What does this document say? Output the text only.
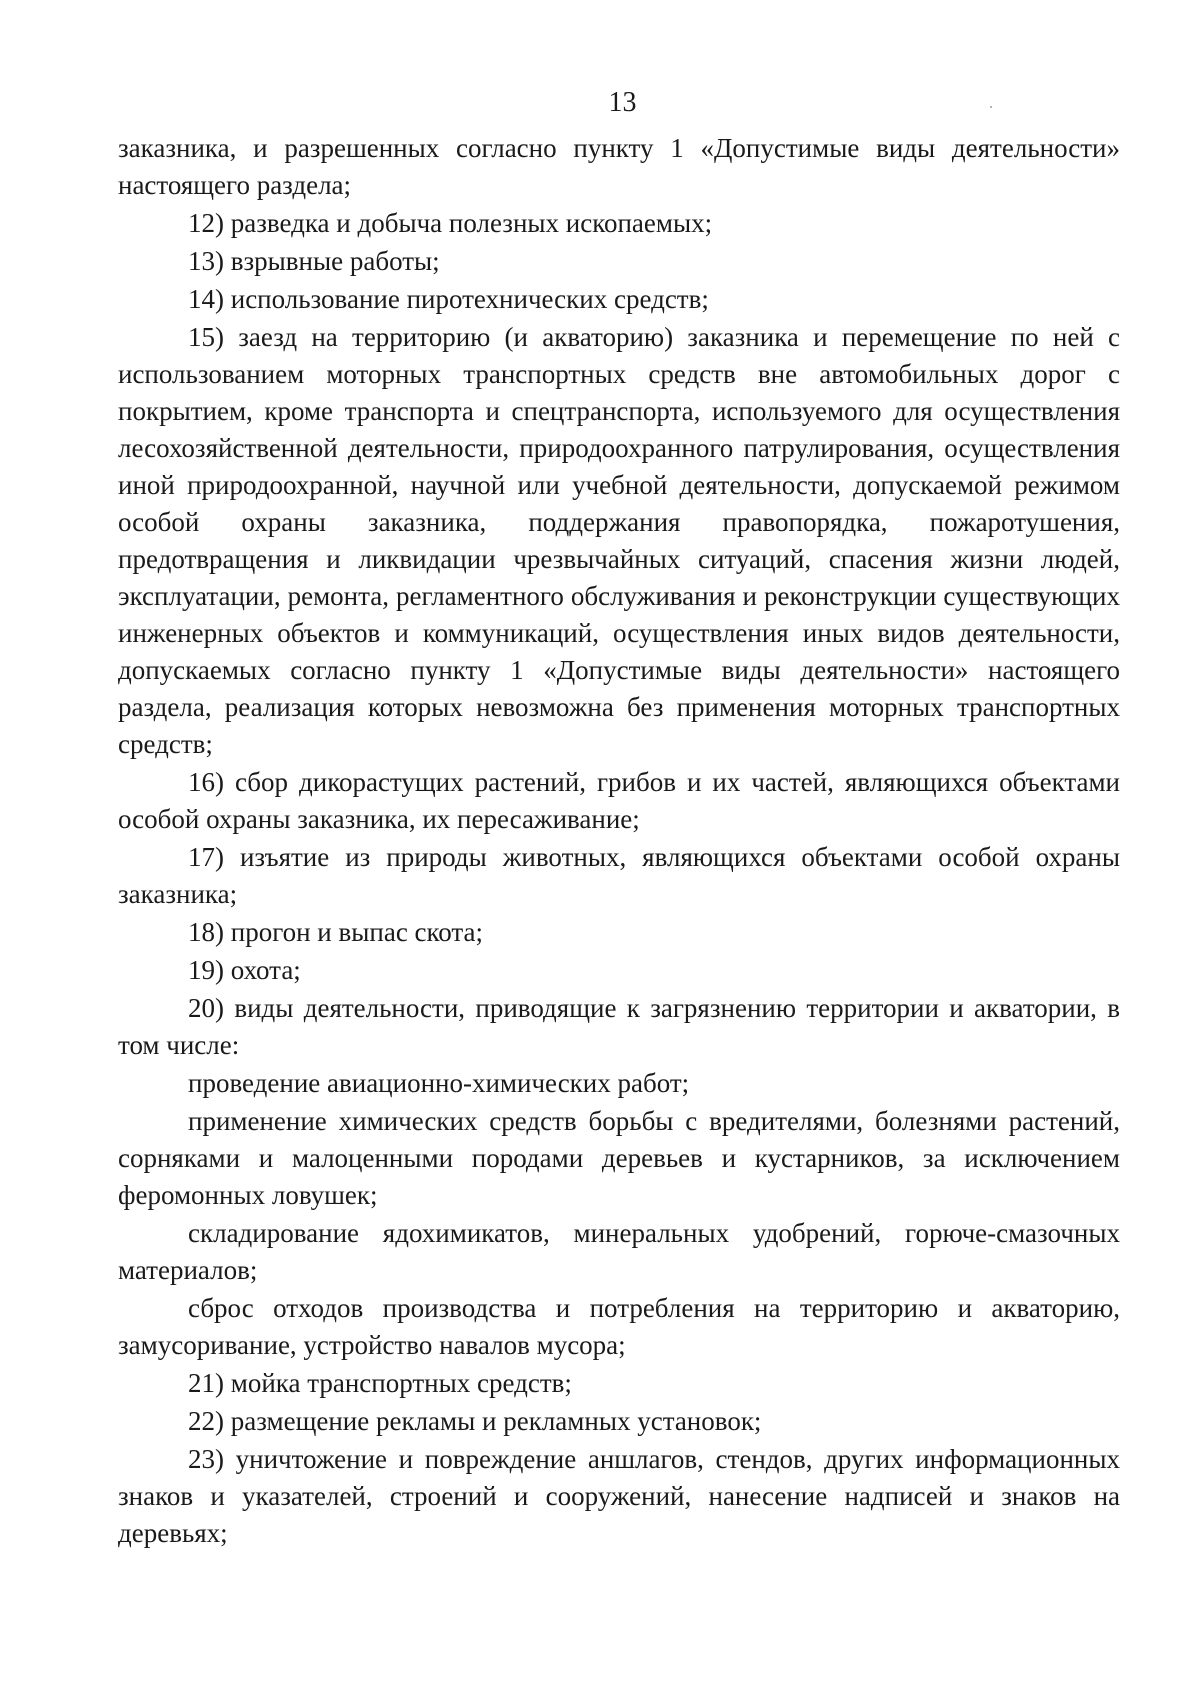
13

заказника, и разрешенных согласно пункту 1 «Допустимые виды деятельности» настоящего раздела;

12) разведка и добыча полезных ископаемых;

13) взрывные работы;

14) использование пиротехнических средств;

15) заезд на территорию (и акваторию) заказника и перемещение по ней с использованием моторных транспортных средств вне автомобильных дорог с покрытием, кроме транспорта и спецтранспорта, используемого для осуществления лесохозяйственной деятельности, природоохранного патрулирования, осуществления иной природоохранной, научной или учебной деятельности, допускаемой режимом особой охраны заказника, поддержания правопорядка, пожаротушения, предотвращения и ликвидации чрезвычайных ситуаций, спасения жизни людей, эксплуатации, ремонта, регламентного обслуживания и реконструкции существующих инженерных объектов и коммуникаций, осуществления иных видов деятельности, допускаемых согласно пункту 1 «Допустимые виды деятельности» настоящего раздела, реализация которых невозможна без применения моторных транспортных средств;

16) сбор дикорастущих растений, грибов и их частей, являющихся объектами особой охраны заказника, их пересаживание;

17) изъятие из природы животных, являющихся объектами особой охраны заказника;

18) прогон и выпас скота;

19) охота;

20) виды деятельности, приводящие к загрязнению территории и акватории, в том числе:

проведение авиационно-химических работ;

применение химических средств борьбы с вредителями, болезнями растений, сорняками и малоценными породами деревьев и кустарников, за исключением феромонных ловушек;

складирование ядохимикатов, минеральных удобрений, горюче-смазочных материалов;

сброс отходов производства и потребления на территорию и акваторию, замусоривание, устройство навалов мусора;

21) мойка транспортных средств;

22) размещение рекламы и рекламных установок;

23) уничтожение и повреждение аншлагов, стендов, других информационных знаков и указателей, строений и сооружений, нанесение надписей и знаков на деревьях;
